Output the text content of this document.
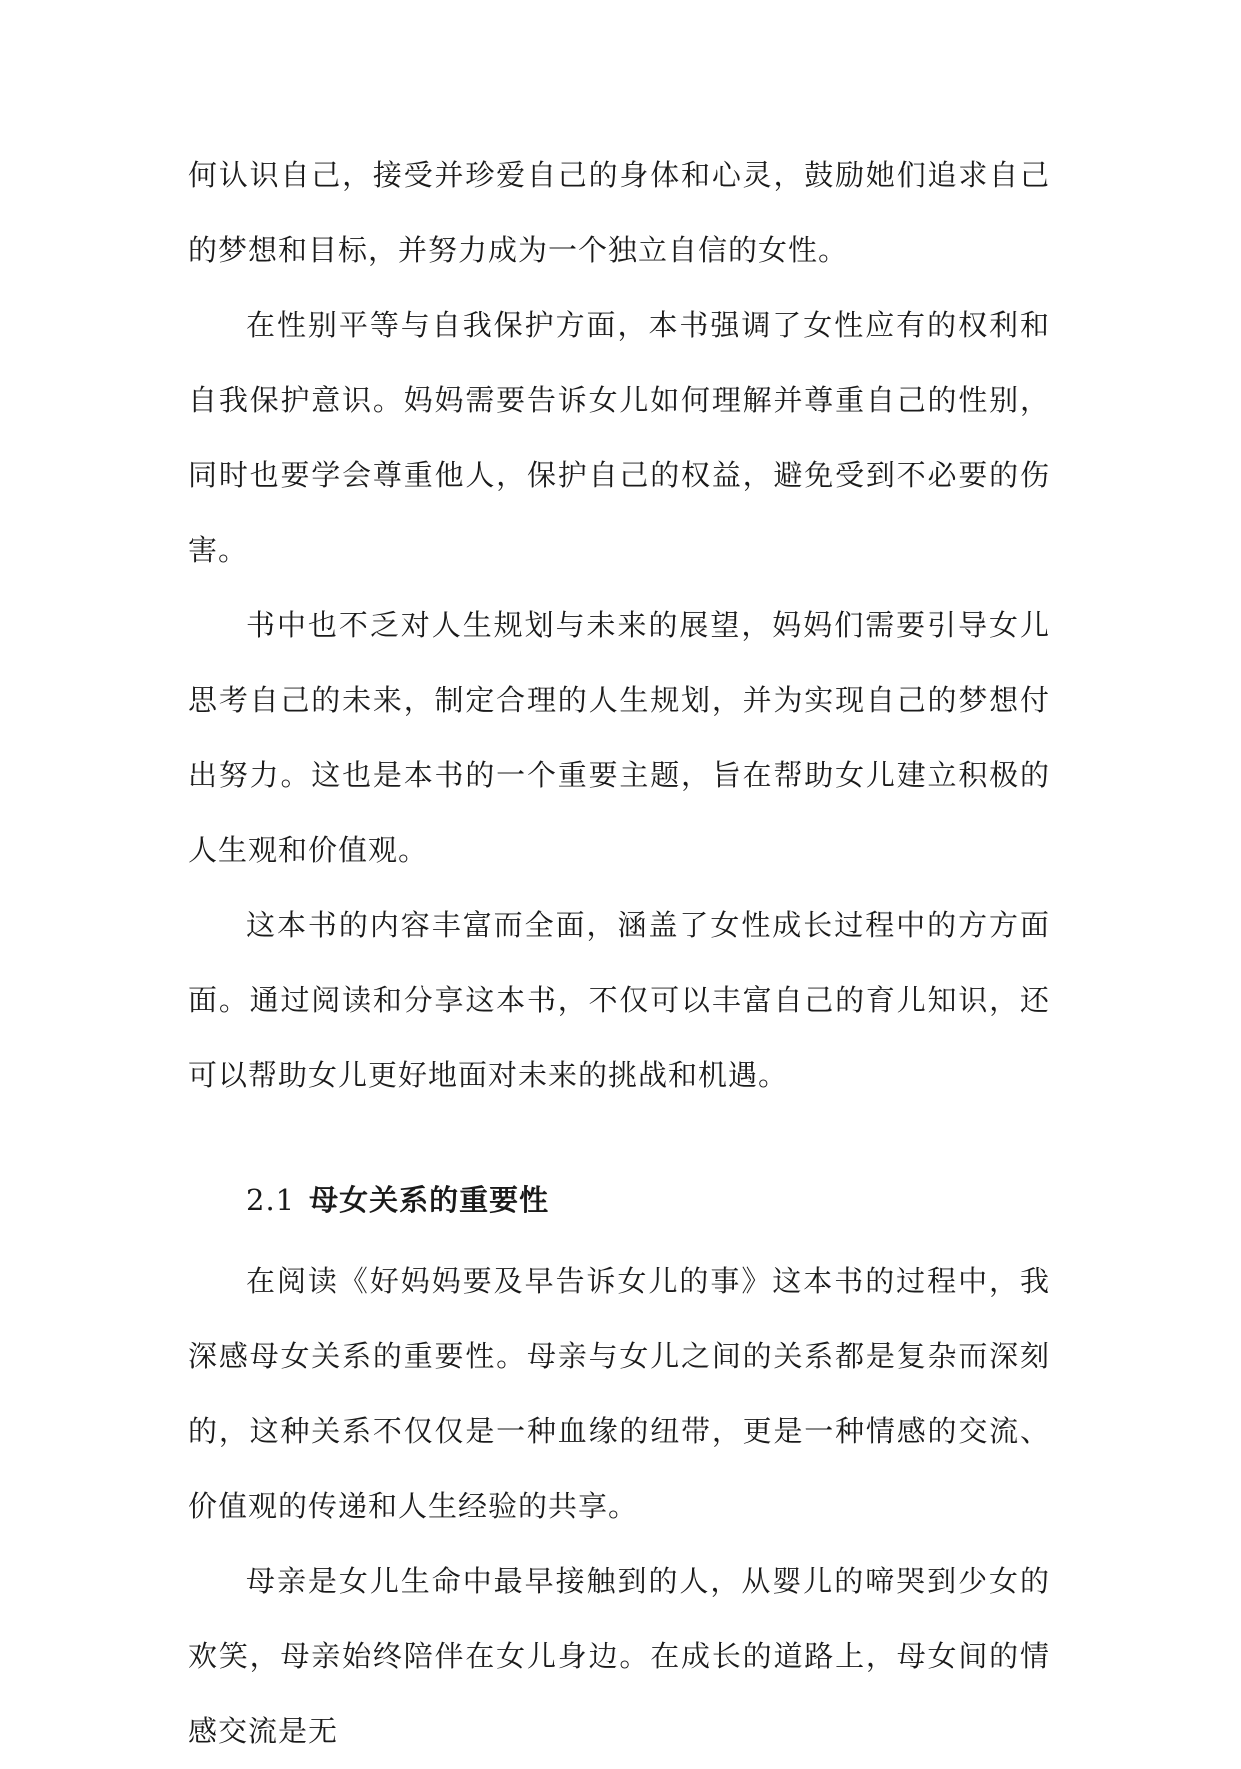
何认识自己，接受并珍爱自己的身体和心灵，鼓励她们追求自己的梦想和目标，并努力成为一个独立自信的女性。

在性别平等与自我保护方面，本书强调了女性应有的权利和自我保护意识。妈妈需要告诉女儿如何理解并尊重自己的性别，同时也要学会尊重他人，保护自己的权益，避免受到不必要的伤害。

书中也不乏对人生规划与未来的展望，妈妈们需要引导女儿思考自己的未来，制定合理的人生规划，并为实现自己的梦想付出努力。这也是本书的一个重要主题，旨在帮助女儿建立积极的人生观和价值观。

这本书的内容丰富而全面，涵盖了女性成长过程中的方方面面。通过阅读和分享这本书，不仅可以丰富自己的育儿知识，还可以帮助女儿更好地面对未来的挑战和机遇。

2.1 母女关系的重要性

在阅读《好妈妈要及早告诉女儿的事》这本书的过程中，我深感母女关系的重要性。母亲与女儿之间的关系都是复杂而深刻的，这种关系不仅仅是一种血缘的纽带，更是一种情感的交流、价值观的传递和人生经验的共享。

母亲是女儿生命中最早接触到的人，从婴儿的啼哭到少女的欢笑，母亲始终陪伴在女儿身边。在成长的道路上，母女间的情感交流是无
